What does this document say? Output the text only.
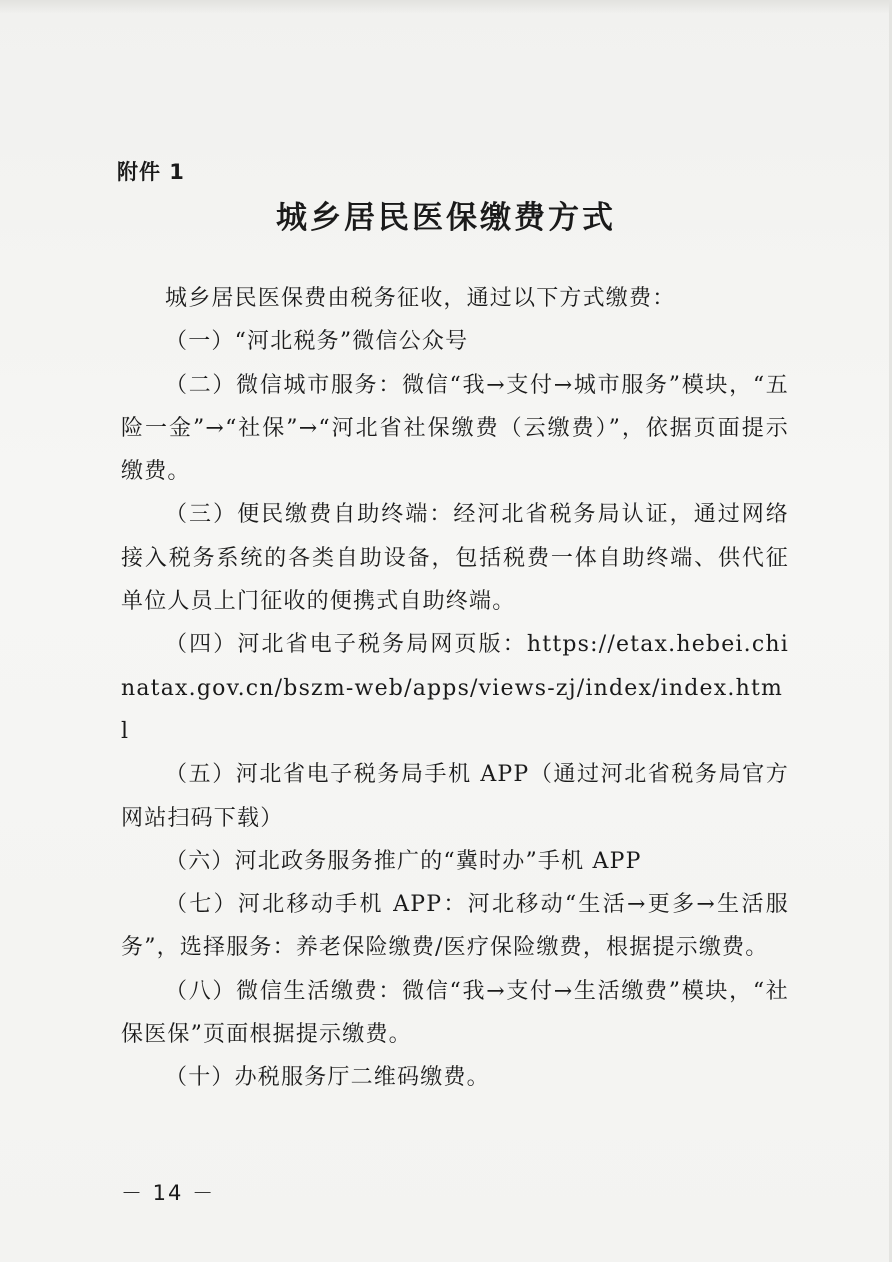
附件 1
城乡居民医保缴费方式

城乡居民医保费由税务征收，通过以下方式缴费：

（一）“河北税务”微信公众号

（二）微信城市服务：微信“我→支付→城市服务”模块，“五险一金”→“社保”→“河北省社保缴费（云缴费）”，依据页面提示缴费。

（三）便民缴费自助终端：经河北省税务局认证，通过网络接入税务系统的各类自助设备，包括税费一体自助终端、供代征单位人员上门征收的便携式自助终端。

（四）河北省电子税务局网页版：https://etax.hebei.chinatax.gov.cn/bszm-web/apps/views-zj/index/index.html

（五）河北省电子税务局手机 APP（通过河北省税务局官方网站扫码下载）

（六）河北政务服务推广的“冀时办”手机 APP

（七）河北移动手机 APP：河北移动“生活→更多→生活服务”，选择服务：养老保险缴费/医疗保险缴费，根据提示缴费。

（八）微信生活缴费：微信“我→支付→生活缴费”模块，“社保医保”页面根据提示缴费。

（十）办税服务厅二维码缴费。

－ 14 －
